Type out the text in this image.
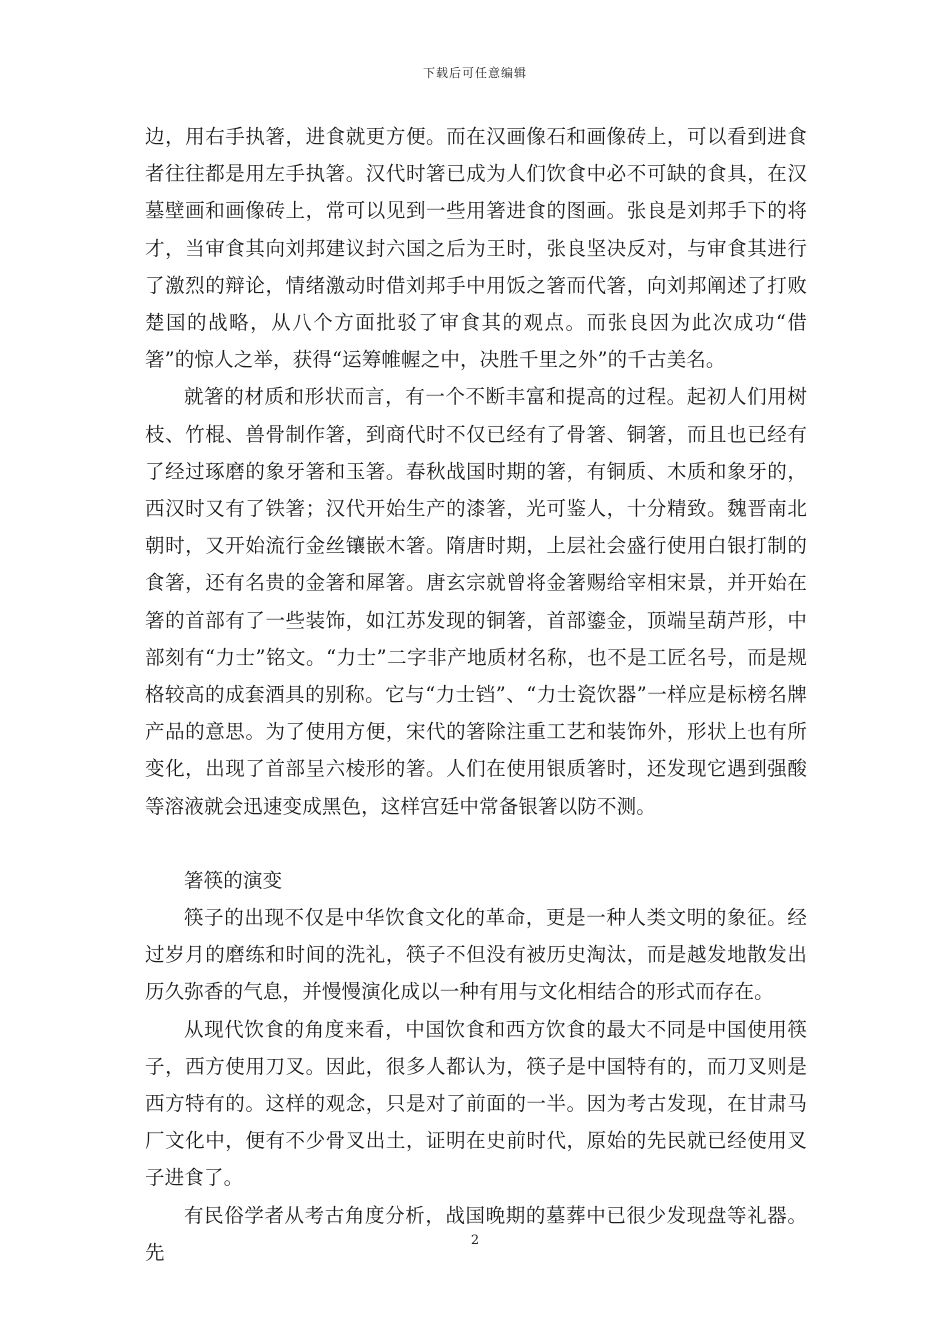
下载后可任意编辑

边，用右手执箸，进食就更方便。而在汉画像石和画像砖上，可以看到进食者往往都是用左手执箸。汉代时箸已成为人们饮食中必不可缺的食具，在汉墓壁画和画像砖上，常可以见到一些用箸进食的图画。张良是刘邦手下的将才，当审食其向刘邦建议封六国之后为王时，张良坚决反对，与审食其进行了激烈的辩论，情绪激动时借刘邦手中用饭之箸而代箸，向刘邦阐述了打败楚国的战略，从八个方面批驳了审食其的观点。而张良因为此次成功“借箸”的惊人之举，获得“运筹帷幄之中，决胜千里之外”的千古美名。

就箸的材质和形状而言，有一个不断丰富和提高的过程。起初人们用树枝、竹棍、兽骨制作箸，到商代时不仅已经有了骨箸、铜箸，而且也已经有了经过琢磨的象牙箸和玉箸。春秋战国时期的箸，有铜质、木质和象牙的，西汉时又有了铁箸；汉代开始生产的漆箸，光可鉴人，十分精致。魏晋南北朝时，又开始流行金丝镶嵌木箸。隋唐时期，上层社会盛行使用白银打制的食箸，还有名贵的金箸和犀箸。唐玄宗就曾将金箸赐给宰相宋景，并开始在箸的首部有了一些装饰，如江苏发现的铜箸，首部鎏金，顶端呈葫芦形，中部刻有“力士”铭文。“力士”二字非产地质材名称，也不是工匠名号，而是规格较高的成套酒具的别称。它与“力士铛”、“力士瓷饮器”一样应是标榜名牌产品的意思。为了使用方便，宋代的箸除注重工艺和装饰外，形状上也有所变化，出现了首部呈六棱形的箸。人们在使用银质箸时，还发现它遇到强酸等溶液就会迅速变成黑色，这样宫廷中常备银箸以防不测。

箸筷的演变

筷子的出现不仅是中华饮食文化的革命，更是一种人类文明的象征。经过岁月的磨练和时间的洗礼，筷子不但没有被历史淘汰，而是越发地散发出历久弥香的气息，并慢慢演化成以一种有用与文化相结合的形式而存在。

从现代饮食的角度来看，中国饮食和西方饮食的最大不同是中国使用筷子，西方使用刀叉。因此，很多人都认为，筷子是中国特有的，而刀叉则是西方特有的。这样的观念，只是对了前面的一半。因为考古发现，在甘肃马厂文化中，便有不少骨叉出土，证明在史前时代，原始的先民就已经使用叉子进食了。

有民俗学者从考古角度分析，战国晚期的墓葬中已很少发现盘等礼器。先

2
